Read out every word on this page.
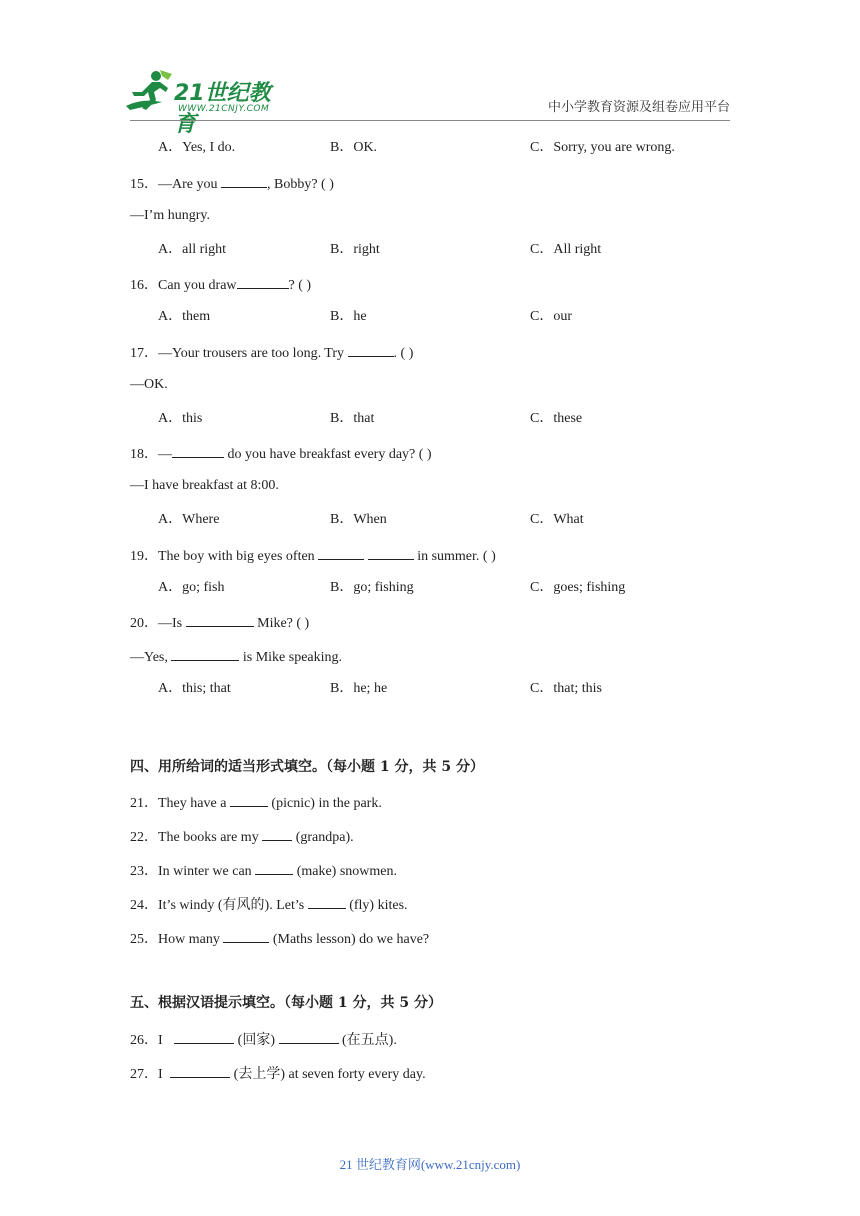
21世纪教育
WWW.21CNJY.COM	中小学教育资源及组卷应用平台
A．Yes, I do.	B．OK.	C．Sorry, you are wrong.
15．—Are you	, Bobby? ( )
—I’m hungry.
A．all right	B．right	C．All right
16．Can you draw	? ( )
A．them	B．he	C．our
17．—Your trousers are too long. Try	. ( )
—OK.
A．this	B．that	C．these
18．—	do you have breakfast every day? ( )
—I have breakfast at 8:00.
A．Where	B．When	C．What
19．The boy with big eyes often	in summer. ( )
A．go; fish	B．go; fishing	C．goes; fishing
20．—Is	Mike? ( )
—Yes,	is Mike speaking.
A．this; that	B．he; he	C．that; this
四、用所给词的适当形式填空。（每小题 1 分，共 5 分）
21．They have a	(picnic) in the park.
22．The books are my  (grandpa).
23．In winter we can	(make) snowmen.
24．It’s windy (有风的). Let’s	(fly) kites.
25．How many	(Maths lesson) do we have?
五、根据汉语提示填空。（每小题 1 分，共 5 分）
26．I	(回家)	(在五点).
27．I	(去上学) at seven forty every day.
21 世纪教育网(www.21cnjy.com)
